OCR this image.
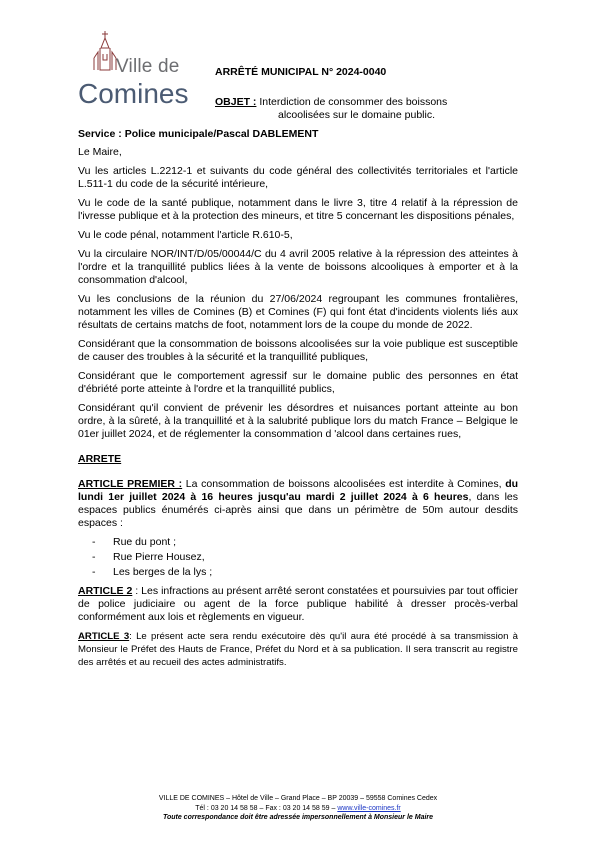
Ville de
Comines
ARRÊTÉ MUNICIPAL N° 2024-0040
OBJET : Interdiction de consommer des boissons
alcoolisées sur le domaine public.

Service : Police municipale/Pascal DABLEMENT

Le Maire,

Vu les articles L.2212-1 et suivants du code général des collectivités territoriales et l'article L.511-1 du code de la sécurité intérieure,

Vu le code de la santé publique, notamment dans le livre 3, titre 4 relatif à la répression de l'ivresse publique et à la protection des mineurs, et titre 5 concernant les dispositions pénales,

Vu le code pénal, notamment l'article R.610-5,

Vu la circulaire NOR/INT/D/05/00044/C du 4 avril 2005 relative à la répression des atteintes à l'ordre et la tranquillité publics liées à la vente de boissons alcooliques à emporter et à la consommation d'alcool,

Vu les conclusions de la réunion du 27/06/2024 regroupant les communes frontalières, notamment les villes de Comines (B) et Comines (F) qui font état d'incidents violents liés aux résultats de certains matchs de foot, notamment lors de la coupe du monde de 2022.

Considérant que la consommation de boissons alcoolisées sur la voie publique est susceptible de causer des troubles à la sécurité et la tranquillité publiques,

Considérant que le comportement agressif sur le domaine public des personnes en état d'ébriété porte atteinte à l'ordre et la tranquillité publics,

Considérant qu'il convient de prévenir les désordres et nuisances portant atteinte au bon ordre, à la sûreté, à la tranquillité et à la salubrité publique lors du match France – Belgique le 01er juillet 2024, et de réglementer la consommation d 'alcool dans certaines rues,

ARRETE

ARTICLE PREMIER : La consommation de boissons alcoolisées est interdite à Comines, du lundi 1er juillet 2024 à 16 heures jusqu'au mardi 2 juillet 2024 à 6 heures, dans les espaces publics énumérés ci-après ainsi que dans un périmètre de 50m autour desdits espaces :

- Rue du pont ;
- Rue Pierre Housez,
- Les berges de la lys ;

ARTICLE 2 : Les infractions au présent arrêté seront constatées et poursuivies par tout officier de police judiciaire ou agent de la force publique habilité à dresser procès-verbal conformément aux lois et règlements en vigueur.

ARTICLE 3: Le présent acte sera rendu exécutoire dès qu'il aura été procédé à sa transmission à Monsieur le Préfet des Hauts de France, Préfet du Nord et à sa publication. Il sera transcrit au registre des arrêtés et au recueil des actes administratifs.

VILLE DE COMINES – Hôtel de Ville – Grand Place – BP 20039 – 59558 Comines Cedex
Tél : 03 20 14 58 58 – Fax : 03 20 14 58 59 – www.ville-comines.fr
Toute correspondance doit être adressée impersonnellement à Monsieur le Maire
